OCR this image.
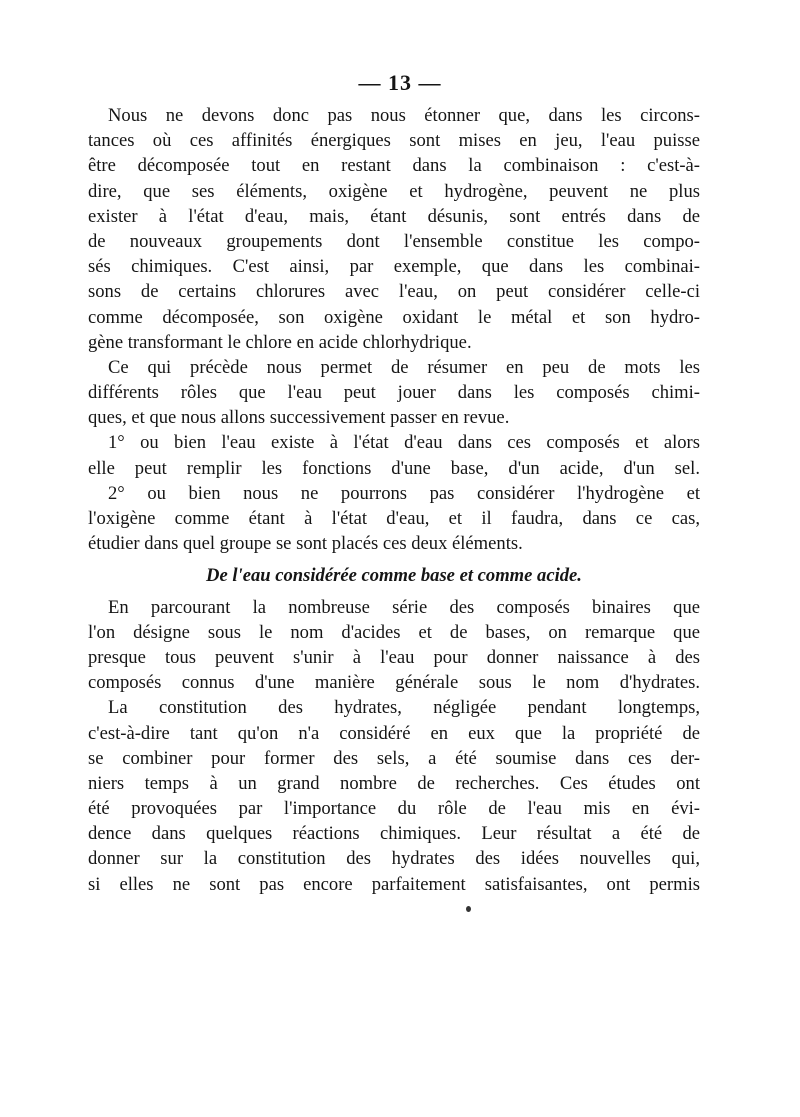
— 13 —
Nous ne devons donc pas nous étonner que, dans les circons-
tances où ces affinités énergiques sont mises en jeu, l'eau puisse
être décomposée tout en restant dans la combinaison : c'est-à-
dire, que ses éléments, oxigène et hydrogène, peuvent ne plus
exister à l'état d'eau, mais, étant désunis, sont entrés dans de
de nouveaux groupements dont l'ensemble constitue les compo-
sés chimiques. C'est ainsi, par exemple, que dans les combinai-
sons de certains chlorures avec l'eau, on peut considérer celle-ci
comme décomposée, son oxigène oxidant le métal et son hydro-
gène transformant le chlore en acide chlorhydrique.
Ce qui précède nous permet de résumer en peu de mots les
différents rôles que l'eau peut jouer dans les composés chimi-
ques, et que nous allons successivement passer en revue.
1° ou bien l'eau existe à l'état d'eau dans ces composés et alors
elle peut remplir les fonctions d'une base, d'un acide, d'un sel.
2° ou bien nous ne pourrons pas considérer l'hydrogène et
l'oxigène comme étant à l'état d'eau, et il faudra, dans ce cas,
étudier dans quel groupe se sont placés ces deux éléments.
De l'eau considérée comme base et comme acide.
En parcourant la nombreuse série des composés binaires que
l'on désigne sous le nom d'acides et de bases, on remarque que
presque tous peuvent s'unir à l'eau pour donner naissance à des
composés connus d'une manière générale sous le nom d'hydrates.
La constitution des hydrates, négligée pendant longtemps,
c'est-à-dire tant qu'on n'a considéré en eux que la propriété de
se combiner pour former des sels, a été soumise dans ces der-
niers temps à un grand nombre de recherches. Ces études ont
été provoquées par l'importance du rôle de l'eau mis en évi-
dence dans quelques réactions chimiques. Leur résultat a été de
donner sur la constitution des hydrates des idées nouvelles qui,
si elles ne sont pas encore parfaitement satisfaisantes, ont permis
